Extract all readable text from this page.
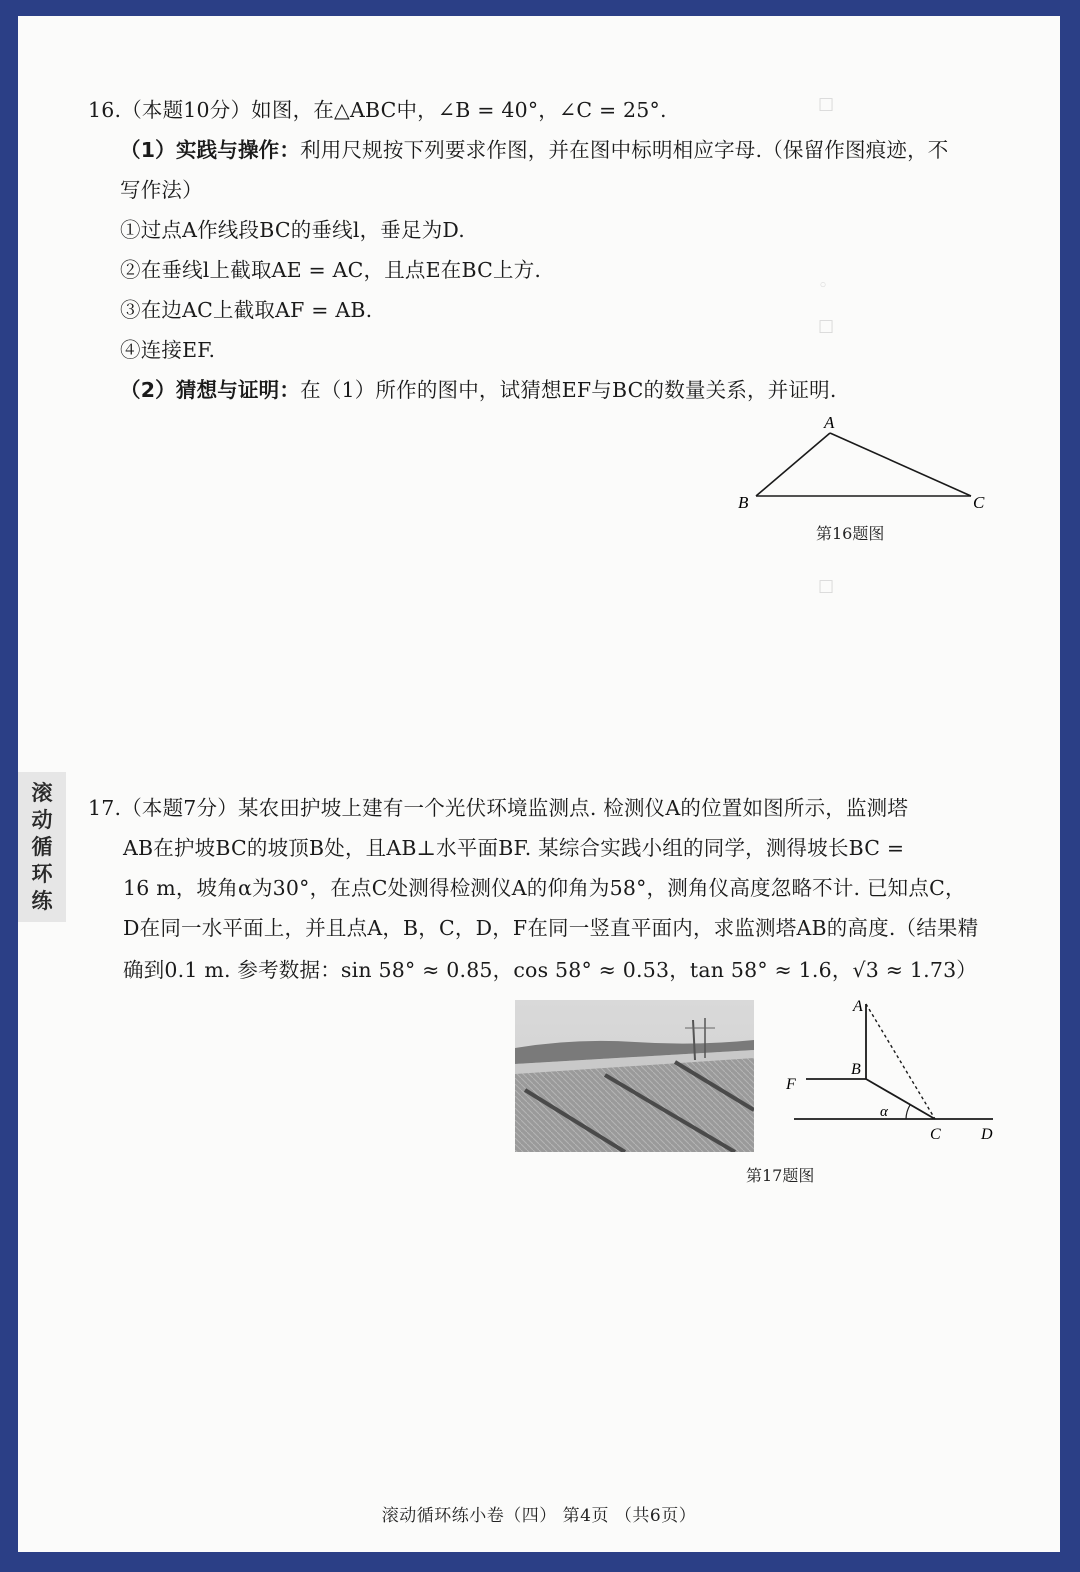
16.（本题10分）如图，在△ABC中，∠B = 40°，∠C = 25°.
（1）实践与操作：利用尺规按下列要求作图，并在图中标明相应字母.（保留作图痕迹，不
写作法）
①过点A作线段BC的垂线l，垂足为D.
②在垂线l上截取AE = AC，且点E在BC上方.
③在边AC上截取AF = AB.
④连接EF.
（2）猜想与证明：在（1）所作的图中，试猜想EF与BC的数量关系，并证明.
A
B	C
第16题图
□
◦
□
□
17.（本题7分）某农田护坡上建有一个光伏环境监测点. 检测仪A的位置如图所示，监测塔
AB在护坡BC的坡顶B处，且AB⊥水平面BF. 某综合实践小组的同学，测得坡长BC =
16 m，坡角α为30°，在点C处测得检测仪A的仰角为58°，测角仪高度忽略不计. 已知点C，
D在同一水平面上，并且点A，B，C，D，F在同一竖直平面内，求监测塔AB的高度.（结果精
确到0.1 m. 参考数据：sin 58° ≈ 0.85，cos 58° ≈ 0.53，tan 58° ≈ 1.6，√3 ≈ 1.73）
A
B
F
α
C	D
第17题图
滚动循环练小卷（四） 第4页 （共6页）
滚
动
循
环
练
